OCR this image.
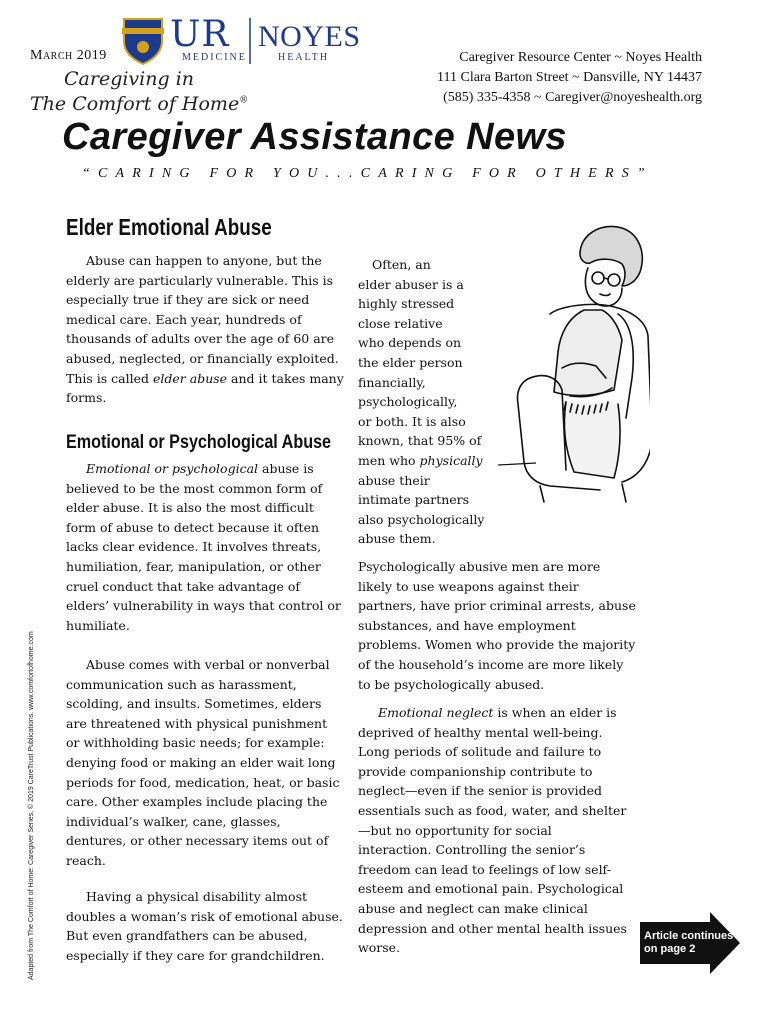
March 2019
UR
MEDICINE
NOYES
HEALTH
Caregiving in
The Comfort of Home®
Caregiver Resource Center ~ Noyes Health
111 Clara Barton Street ~ Dansville, NY 14437
(585) 335-4358 ~ Caregiver@noyeshealth.org
Caregiver Assistance News
“CARING FOR YOU...CARING FOR OTHERS”
Elder Emotional Abuse
Abuse can happen to anyone, but the elderly are particularly vulnerable. This is especially true if they are sick or need medical care. Each year, hundreds of thousands of adults over the age of 60 are abused, neglected, or financially exploited. This is called elder abuse and it takes many forms.
Emotional or Psychological Abuse
Emotional or psychological abuse is believed to be the most common form of elder abuse. It is also the most difficult form of abuse to detect because it often lacks clear evidence. It involves threats, humiliation, fear, manipulation, or other cruel conduct that take advantage of elders’ vulnerability in ways that control or humiliate.
Abuse comes with verbal or nonverbal communication such as harassment, scolding, and insults. Sometimes, elders are threatened with physical punishment or withholding basic needs; for example: denying food or making an elder wait long periods for food, medication, heat, or basic care. Other examples include placing the individual’s walker, cane, glasses, dentures, or other necessary items out of reach.
Having a physical disability almost doubles a woman’s risk of emotional abuse. But even grandfathers can be abused, especially if they care for grandchildren.
Often, an
elder abuser is a
highly stressed
close relative
who depends on
the elder person
financially,
psychologically,
or both. It is also
known, that 95% of
men who physically
abuse their
intimate partners
also psychologically
abuse them.
Psychologically abusive men are more likely to use weapons against their partners, have prior criminal arrests, abuse substances, and have employment problems. Women who provide the majority of the household’s income are more likely to be psychologically abused.
Emotional neglect is when an elder is deprived of healthy mental well-being. Long periods of solitude and failure to provide companionship contribute to neglect—even if the senior is provided essentials such as food, water, and shelter—but no opportunity for social interaction. Controlling the senior’s freedom can lead to feelings of low self-esteem and emotional pain. Psychological abuse and neglect can make clinical depression and other mental health issues worse.
Article continues
on page 2
Adapted from The Comfort of Home: Caregiver Series, © 2019 CareTrust Publications. www.comfortofhome.com
